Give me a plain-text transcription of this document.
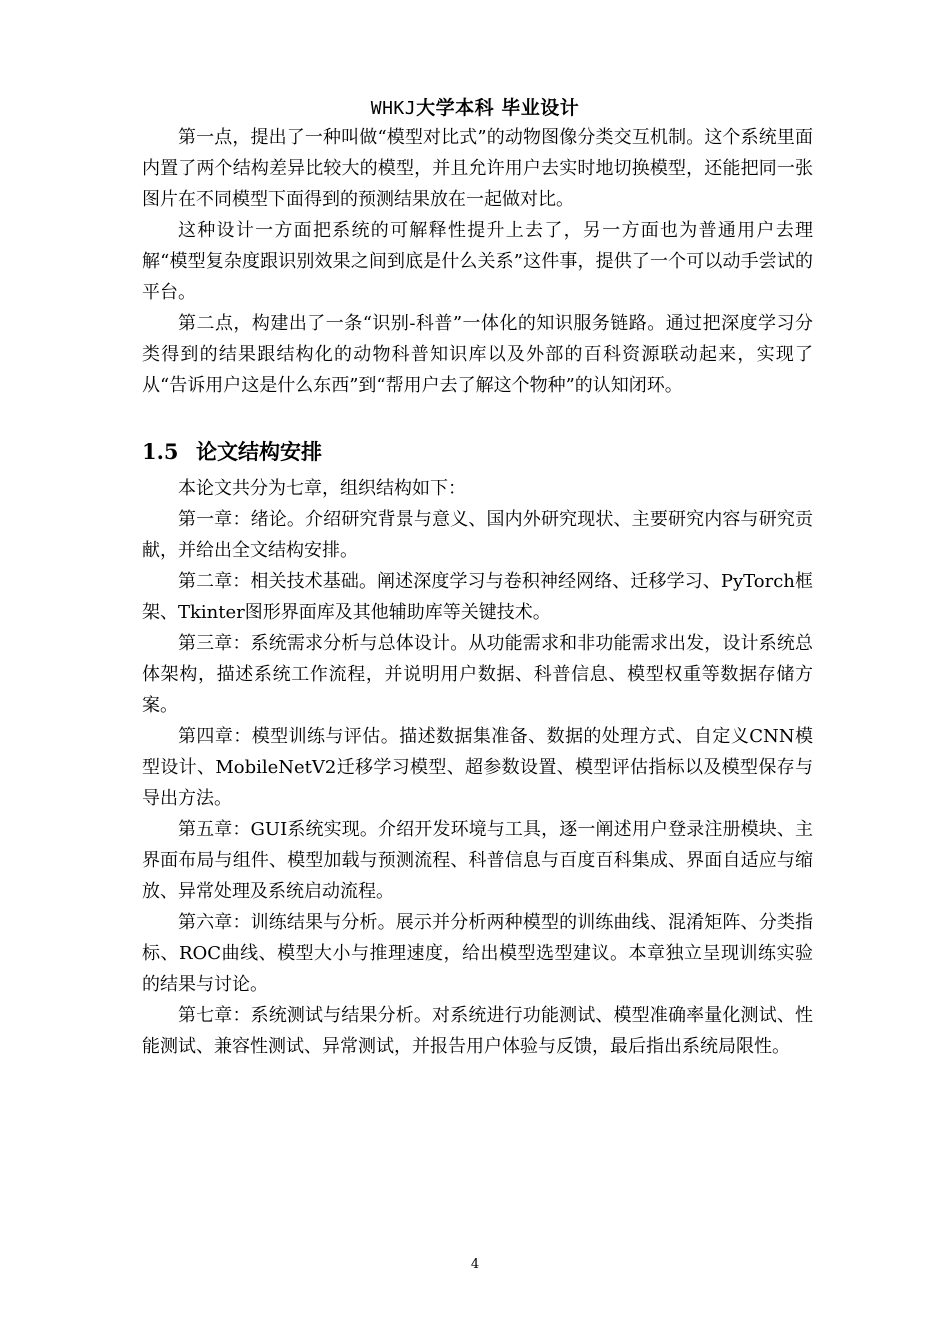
WHKJ大学本科 毕业设计

第一点，提出了一种叫做“模型对比式”的动物图像分类交互机制。这个系统里面内置了两个结构差异比较大的模型，并且允许用户去实时地切换模型，还能把同一张图片在不同模型下面得到的预测结果放在一起做对比。

这种设计一方面把系统的可解释性提升上去了，另一方面也为普通用户去理解“模型复杂度跟识别效果之间到底是什么关系”这件事，提供了一个可以动手尝试的平台。

第二点，构建出了一条“识别-科普”一体化的知识服务链路。通过把深度学习分类得到的结果跟结构化的动物科普知识库以及外部的百科资源联动起来，实现了从“告诉用户这是什么东西”到“帮用户去了解这个物种”的认知闭环。

1.5 论文结构安排

本论文共分为七章，组织结构如下：

第一章：绪论。介绍研究背景与意义、国内外研究现状、主要研究内容与研究贡献，并给出全文结构安排。

第二章：相关技术基础。阐述深度学习与卷积神经网络、迁移学习、PyTorch框架、Tkinter图形界面库及其他辅助库等关键技术。

第三章：系统需求分析与总体设计。从功能需求和非功能需求出发，设计系统总体架构，描述系统工作流程，并说明用户数据、科普信息、模型权重等数据存储方案。

第四章：模型训练与评估。描述数据集准备、数据的处理方式、自定义CNN模型设计、MobileNetV2迁移学习模型、超参数设置、模型评估指标以及模型保存与导出方法。

第五章：GUI系统实现。介绍开发环境与工具，逐一阐述用户登录注册模块、主界面布局与组件、模型加载与预测流程、科普信息与百度百科集成、界面自适应与缩放、异常处理及系统启动流程。

第六章：训练结果与分析。展示并分析两种模型的训练曲线、混淆矩阵、分类指标、ROC曲线、模型大小与推理速度，给出模型选型建议。本章独立呈现训练实验的结果与讨论。

第七章：系统测试与结果分析。对系统进行功能测试、模型准确率量化测试、性能测试、兼容性测试、异常测试，并报告用户体验与反馈，最后指出系统局限性。

4
